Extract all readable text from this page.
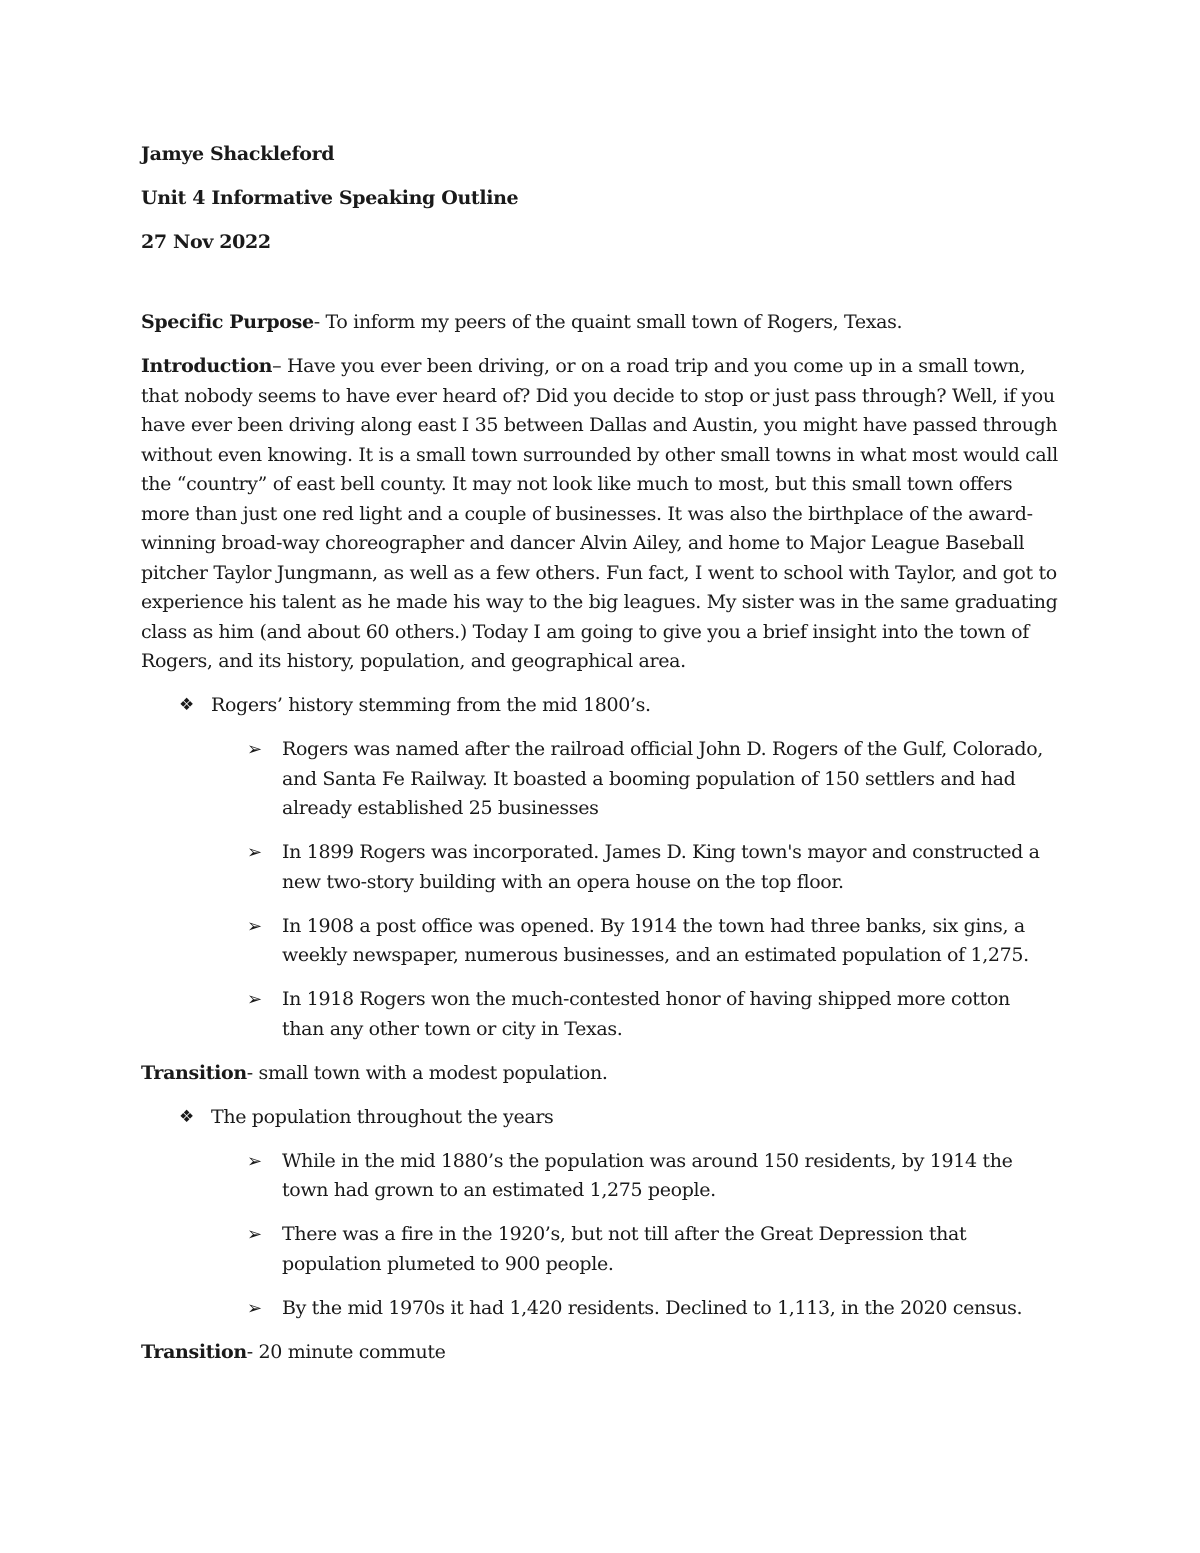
Jamye Shackleford
Unit 4 Informative Speaking Outline
27 Nov 2022

Specific Purpose- To inform my peers of the quaint small town of Rogers, Texas.

Introduction– Have you ever been driving, or on a road trip and you come up in a small town, that nobody seems to have ever heard of? Did you decide to stop or just pass through? Well, if you have ever been driving along east I 35 between Dallas and Austin, you might have passed through without even knowing. It is a small town surrounded by other small towns in what most would call the “country” of east bell county. It may not look like much to most, but this small town offers more than just one red light and a couple of businesses. It was also the birthplace of the award-winning broad-way choreographer and dancer Alvin Ailey, and home to Major League Baseball pitcher Taylor Jungmann, as well as a few others. Fun fact, I went to school with Taylor, and got to experience his talent as he made his way to the big leagues. My sister was in the same graduating class as him (and about 60 others.) Today I am going to give you a brief insight into the town of Rogers, and its history, population, and geographical area.

❖ Rogers’ history stemming from the mid 1800’s.
➢ Rogers was named after the railroad official John D. Rogers of the Gulf, Colorado, and Santa Fe Railway. It boasted a booming population of 150 settlers and had already established 25 businesses
➢ In 1899 Rogers was incorporated. James D. King town's mayor and constructed a new two-story building with an opera house on the top floor.
➢ In 1908 a post office was opened. By 1914 the town had three banks, six gins, a weekly newspaper, numerous businesses, and an estimated population of 1,275.
➢ In 1918 Rogers won the much-contested honor of having shipped more cotton than any other town or city in Texas.

Transition- small town with a modest population.

❖ The population throughout the years
➢ While in the mid 1880’s the population was around 150 residents, by 1914 the town had grown to an estimated 1,275 people.
➢ There was a fire in the 1920’s, but not till after the Great Depression that population plumeted to 900 people.
➢ By the mid 1970s it had 1,420 residents. Declined to 1,113, in the 2020 census.

Transition- 20 minute commute
